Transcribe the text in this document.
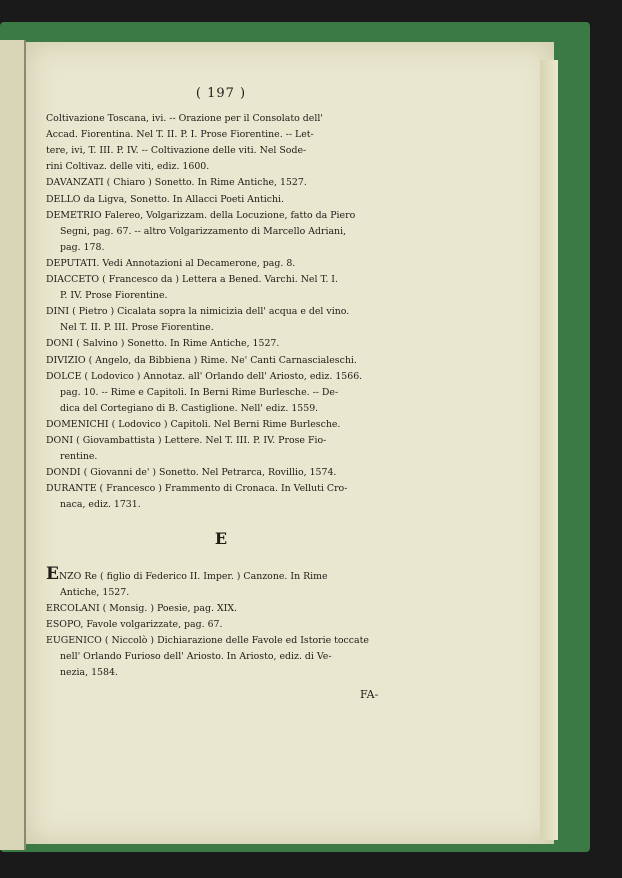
( 197 )
Coltivazione Toscana, ivi. -- Orazione per il Consolato dell'
Accad. Fiorentina. Nel T. II. P. I. Prose Fiorentine. -- Let-
tere, ivi, T. III. P. IV. -- Coltivazione delle viti. Nel Sode-
rini Coltivaz. delle viti, ediz. 1600.
DAVANZATI ( Chiaro ) Sonetto. In Rime Antiche, 1527.
DELLO da Ligva, Sonetto. In Allacci Poeti Antichi.
DEMETRIO Falereo, Volgarizzam. della Locuzione, fatto da Piero
Segni, pag. 67. -- altro Volgarizzamento di Marcello Adriani,
pag. 178.
DEPUTATI. Vedi Annotazioni al Decamerone, pag. 8.
DIACCETO ( Francesco da ) Lettera a Bened. Varchi. Nel T. I.
P. IV. Prose Fiorentine.
DINI ( Pietro ) Cicalata sopra la nimicizia dell' acqua e del vino.
Nel T. II. P. III. Prose Fiorentine.
DONI ( Salvino ) Sonetto. In Rime Antiche, 1527.
DIVIZIO ( Angelo, da Bibbiena ) Rime. Ne' Canti Carnascialeschi.
DOLCE ( Lodovico ) Annotaz. all' Orlando dell' Ariosto, ediz. 1566.
pag. 10. -- Rime e Capitoli. In Berni Rime Burlesche. -- De-
dica del Cortegiano di B. Castiglione. Nell' ediz. 1559.
DOMENICHI ( Lodovico ) Capitoli. Nel Berni Rime Burlesche.
DONI ( Giovambattista ) Lettere. Nel T. III. P. IV. Prose Fio-
rentine.
DONDI ( Giovanni de' ) Sonetto. Nel Petrarca, Rovillio, 1574.
DURANTE ( Francesco ) Frammento di Cronaca. In Velluti Cro-
naca, ediz. 1731.
E
ENZO Re ( figlio di Federico II. Imper. ) Canzone. In Rime
Antiche, 1527.
ERCOLANI ( Monsig. ) Poesie, pag. XIX.
ESOPO, Favole volgarizzate, pag. 67.
EUGENICO ( Niccolò ) Dichiarazione delle Favole ed Istorie toccate
nell' Orlando Furioso dell' Ariosto. In Ariosto, ediz. di Ve-
nezia, 1584.
FA-
